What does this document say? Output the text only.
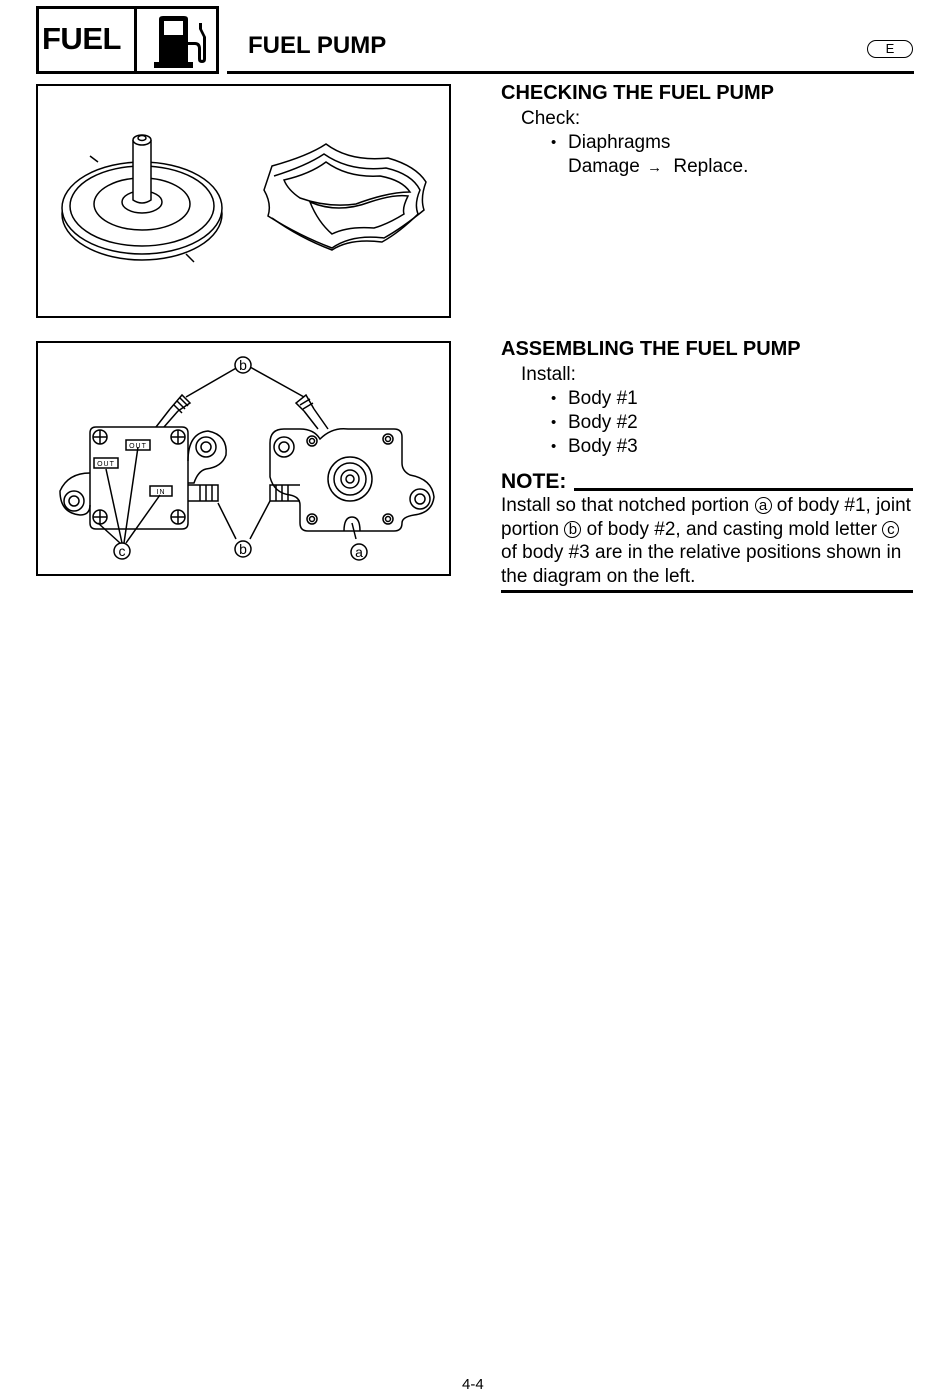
FUEL	FUEL PUMP	E
b
c	b	a
OUT
OUT
IN
CHECKING THE FUEL PUMP
Check:
• Diaphragms
Damage → Replace.
ASSEMBLING THE FUEL PUMP
Install:
• Body #1
• Body #2
• Body #3
NOTE:
Install so that notched portion a of body #1, joint portion b of body #2, and casting mold letter c of body #3 are in the relative positions shown in the diagram on the left.
4-4
